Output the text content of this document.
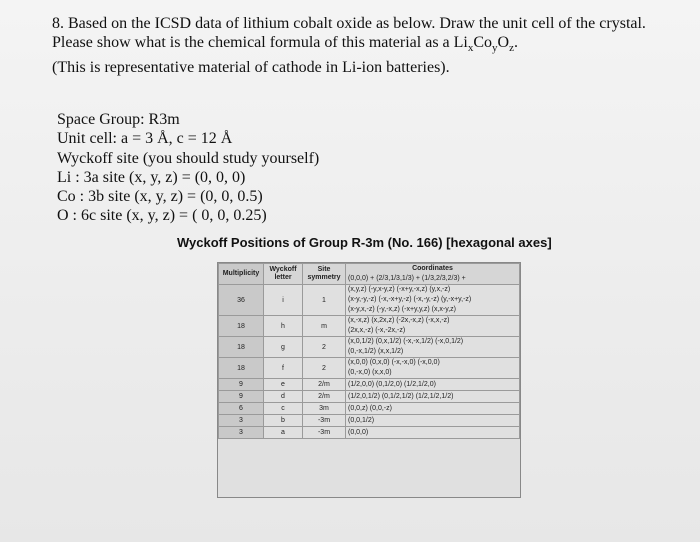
8. Based on the ICSD data of lithium cobalt oxide as below. Draw the unit cell of the crystal.
Please show what is the chemical formula of this material as a $Li_xCo_yO_z$.
(This is representative material of cathode in Li-ion batteries).
Space Group: R3m
Unit cell: a = 3 Å, c = 12 Å
Wyckoff site (you should study yourself)
Li : 3a site (x, y, z) = (0, 0, 0)
Co : 3b site (x, y, z) = (0, 0, 0.5)
O : 6c site (x, y, z) = ( 0, 0, 0.25)
Wyckoff Positions of Group R-3m (No. 166) [hexagonal axes]
Multiplicity	Wyckoff letter	Site symmetry	Coordinates
(0,0,0) + (2/3,1/3,1/3) + (1/3,2/3,2/3) +

36	i	1	(x,y,z) (-y,x-y,z) (-x+y,-x,z) (y,x,-z)
(x-y,-y,-z) (-x,-x+y,-z) (-x,-y,-z) (y,-x+y,-z)
(x-y,x,-z) (-y,-x,z) (-x+y,y,z) (x,x-y,z)

18	h	m	(x,-x,z) (x,2x,z) (-2x,-x,z) (-x,x,-z)
(2x,x,-z) (-x,-2x,-z)

18	g	2	(x,0,1/2) (0,x,1/2) (-x,-x,1/2) (-x,0,1/2)
(0,-x,1/2) (x,x,1/2)

18	f	2	(x,0,0) (0,x,0) (-x,-x,0) (-x,0,0)
(0,-x,0) (x,x,0)

9	e	2/m	(1/2,0,0) (0,1/2,0) (1/2,1/2,0)

9	d	2/m	(1/2,0,1/2) (0,1/2,1/2) (1/2,1/2,1/2)

6	c	3m	(0,0,z) (0,0,-z)

3	b	-3m	(0,0,1/2)

3	a	-3m	(0,0,0)
